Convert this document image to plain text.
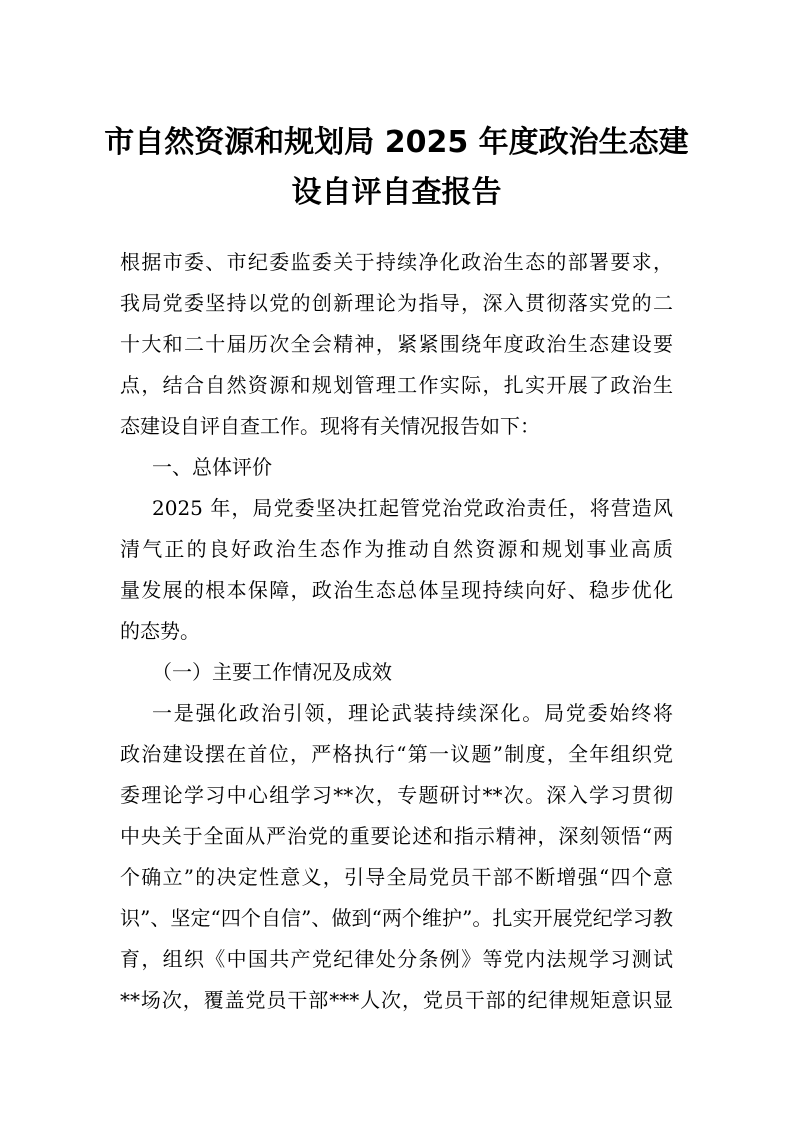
市自然资源和规划局 2025 年度政治生态建
设自评自查报告
根据市委、市纪委监委关于持续净化政治生态的部署要求，
我局党委坚持以党的创新理论为指导，深入贯彻落实党的二
十大和二十届历次全会精神，紧紧围绕年度政治生态建设要
点，结合自然资源和规划管理工作实际，扎实开展了政治生
态建设自评自查工作。现将有关情况报告如下：
一、总体评价
2025 年，局党委坚决扛起管党治党政治责任，将营造风
清气正的良好政治生态作为推动自然资源和规划事业高质
量发展的根本保障，政治生态总体呈现持续向好、稳步优化
的态势。
（一）主要工作情况及成效
一是强化政治引领，理论武装持续深化。局党委始终将
政治建设摆在首位，严格执行“第一议题”制度，全年组织党
委理论学习中心组学习**次，专题研讨**次。深入学习贯彻
中央关于全面从严治党的重要论述和指示精神，深刻领悟“两
个确立”的决定性意义，引导全局党员干部不断增强“四个意
识”、坚定“四个自信”、做到“两个维护”。扎实开展党纪学习教
育，组织《中国共产党纪律处分条例》等党内法规学习测试
**场次，覆盖党员干部***人次，党员干部的纪律规矩意识显
